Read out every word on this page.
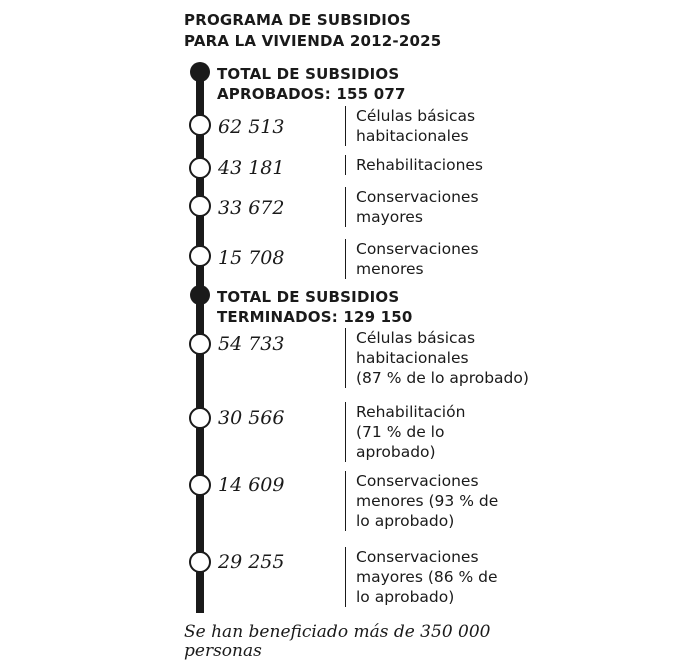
PROGRAMA DE SUBSIDIOS
PARA LA VIVIENDA 2012-2025
TOTAL DE SUBSIDIOS
APROBADOS: 155 077
62 513	Células básicas
habitacionales
43 181	Rehabilitaciones
33 672	Conservaciones
mayores
15 708	Conservaciones
menores
TOTAL DE SUBSIDIOS
TERMINADOS: 129 150
54 733	Células básicas
habitacionales
(87 % de lo aprobado)
30 566	Rehabilitación
(71 % de lo
aprobado)
14 609	Conservaciones
menores (93 % de
lo aprobado)
29 255	Conservaciones
mayores (86 % de
lo aprobado)
Se han beneficiado más de 350 000
personas
